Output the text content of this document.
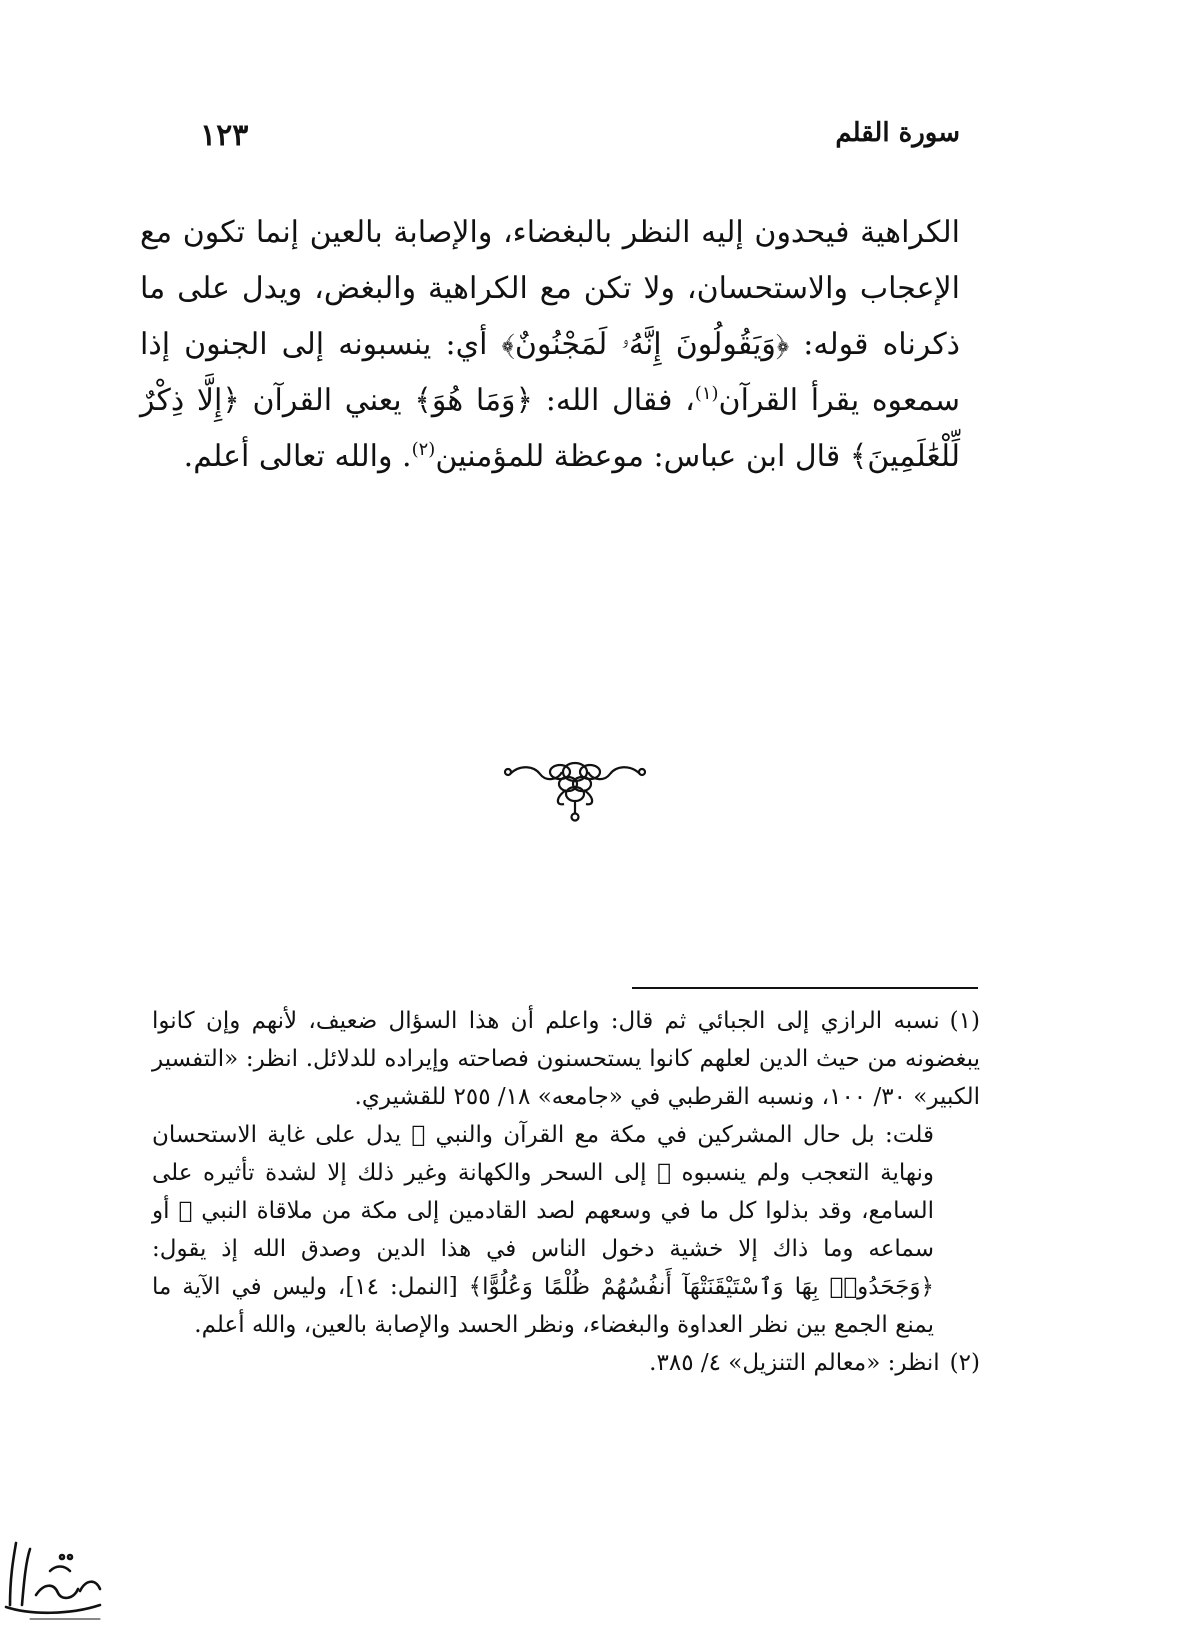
سورة القلم
١٢٣

الكراهية فيحدون إليه النظر بالبغضاء، والإصابة بالعين إنما تكون مع الإعجاب والاستحسان، ولا تكن مع الكراهية والبغض، ويدل على ما ذكرناه قوله: ﴿وَيَقُولُونَ إِنَّهُۥ لَمَجْنُونٌ﴾ أي: ينسبونه إلى الجنون إذا سمعوه يقرأ القرآن$^{(١)}$، فقال الله: ﴿وَمَا هُوَ﴾ يعني القرآن ﴿إِلَّا ذِكْرٌ لِّلْعَٰلَمِينَ﴾ قال ابن عباس: موعظة للمؤمنين$^{(٢)}$. والله تعالى أعلم.

(١)نسبه الرازي إلى الجبائي ثم قال: واعلم أن هذا السؤال ضعيف، لأنهم وإن كانوا يبغضونه من حيث الدين لعلهم كانوا يستحسنون فصاحته وإيراده للدلائل. انظر: «التفسير الكبير» ٣٠/ ١٠٠، ونسبه القرطبي في «جامعه» ١٨/ ٢٥٥ للقشيري.

قلت: بل حال المشركين في مكة مع القرآن والنبي ﷺ يدل على غاية الاستحسان ونهاية التعجب ولم ينسبوه ﷺ إلى السحر والكهانة وغير ذلك إلا لشدة تأثيره على السامع، وقد بذلوا كل ما في وسعهم لصد القادمين إلى مكة من ملاقاة النبي ﷺ أو سماعه وما ذاك إلا خشية دخول الناس في هذا الدين وصدق الله إذ يقول: ﴿وَجَحَدُوا۟ بِهَا وَٱسْتَيْقَنَتْهَآ أَنفُسُهُمْ ظُلْمًا وَعُلُوًّا﴾ [النمل: ١٤]، وليس في الآية ما يمنع الجمع بين نظر العداوة والبغضاء، ونظر الحسد والإصابة بالعين، والله أعلم.

(٢)انظر: «معالم التنزيل» ٤/ ٣٨٥.
